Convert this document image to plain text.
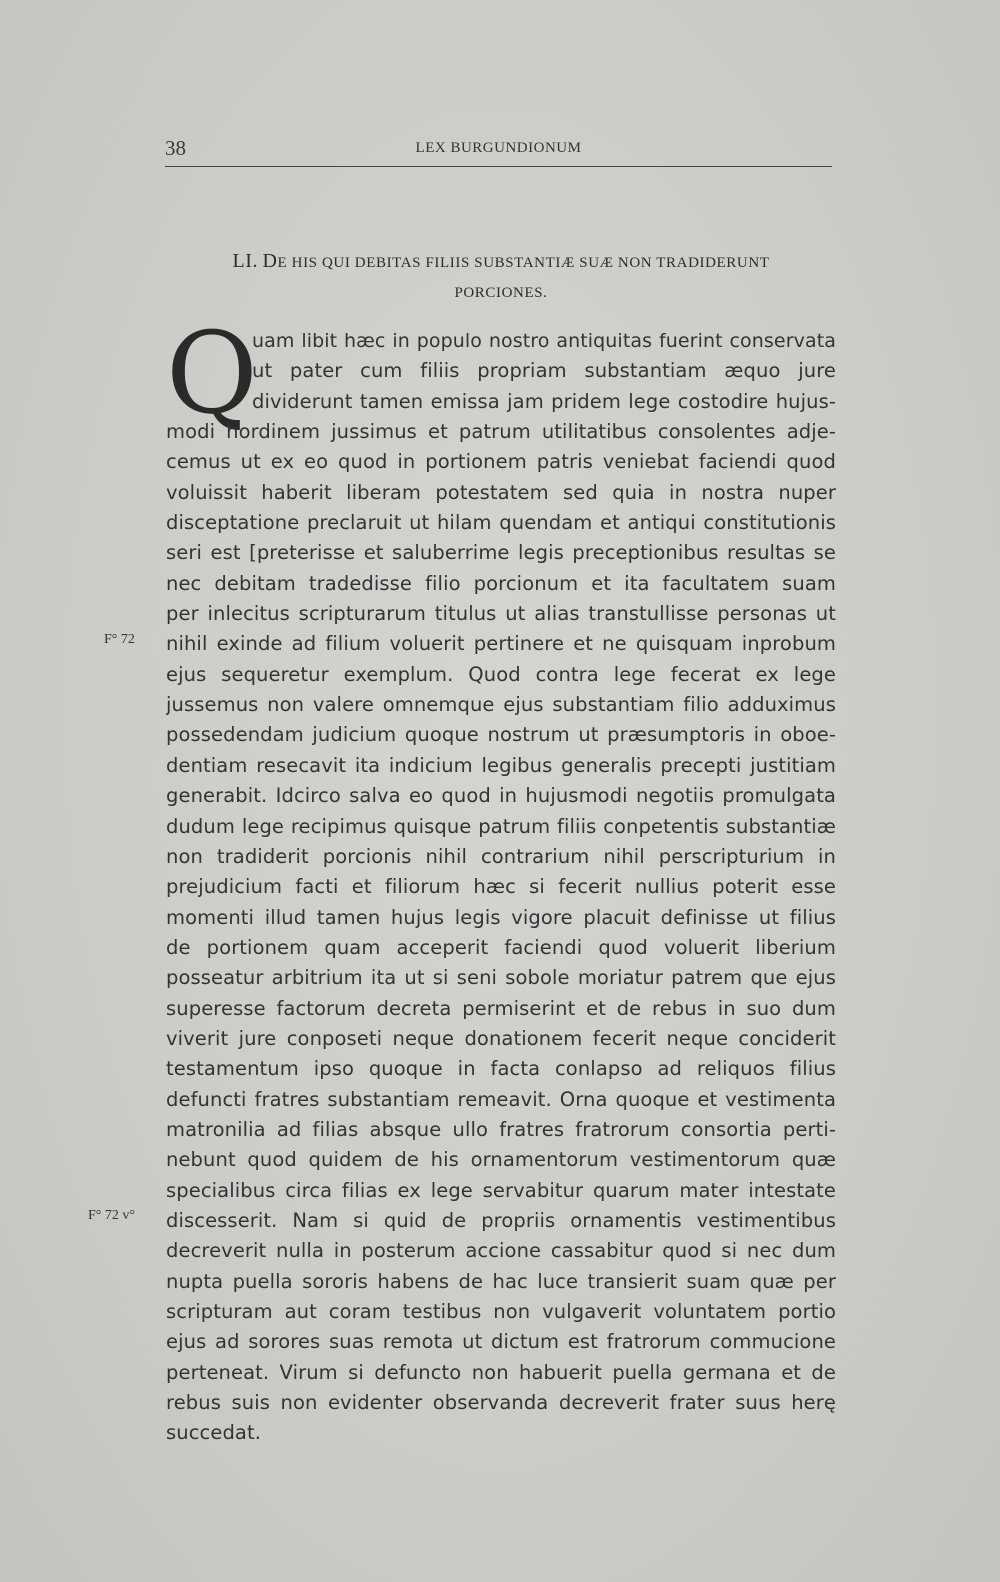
38	LEX BURGUNDIONUM
LI. DE HIS QUI DEBITAS FILIIS SUBSTANTIÆ SUÆ NON TRADIDERUNT
PORCIONES.
Q
uam libit hæc in populo nostro antiquitas fuerint conservata
ut pater cum filiis propriam substantiam æquo jure
dividerunt tamen emissa jam pridem lege costodire hujus-
modi hordinem jussimus et patrum utilitatibus consolentes adje-
cemus ut ex eo quod in portionem patris veniebat faciendi quod
voluissit haberit liberam potestatem sed quia in nostra nuper
disceptatione preclaruit ut hilam quendam et antiqui constitutionis
seri est [preterisse et saluberrime legis preceptionibus resultas se
nec debitam tradedisse filio porcionum et ita facultatem suam
per inlecitus scripturarum titulus ut alias transtullisse personas ut
nihil exinde ad filium voluerit pertinere et ne quisquam inprobum
ejus sequeretur exemplum. Quod contra lege fecerat ex lege
jussemus non valere omnemque ejus substantiam filio adduximus
possedendam judicium quoque nostrum ut præsumptoris in oboe-
dentiam resecavit ita indicium legibus generalis precepti justitiam
generabit. Idcirco salva eo quod in hujusmodi negotiis promulgata
dudum lege recipimus quisque patrum filiis conpetentis substantiæ
non tradiderit porcionis nihil contrarium nihil perscripturium in
prejudicium facti et filiorum hæc si fecerit nullius poterit esse
momenti illud tamen hujus legis vigore placuit definisse ut filius
de portionem quam acceperit faciendi quod voluerit liberium
posseatur arbitrium ita ut si seni sobole moriatur patrem que ejus
superesse factorum decreta permiserint et de rebus in suo dum
viverit jure conposeti neque donationem fecerit neque conciderit
testamentum ipso quoque in facta conlapso ad reliquos filius
defuncti fratres substantiam remeavit. Orna quoque et vestimenta
matronilia ad filias absque ullo fratres fratrorum consortia perti-
nebunt quod quidem de his ornamentorum vestimentorum quæ
specialibus circa filias ex lege servabitur quarum mater intestate
discesserit. Nam si quid de propriis ornamentis vestimentibus
decreverit nulla in posterum accione cassabitur quod si nec dum
nupta puella sororis habens de hac luce transierit suam quæ per
scripturam aut coram testibus non vulgaverit voluntatem portio
ejus ad sorores suas remota ut dictum est fratrorum commucione
perteneat. Virum si defuncto non habuerit puella germana et de
rebus suis non evidenter observanda decreverit frater suus herę
succedat.
F° 72
F° 72 v°
